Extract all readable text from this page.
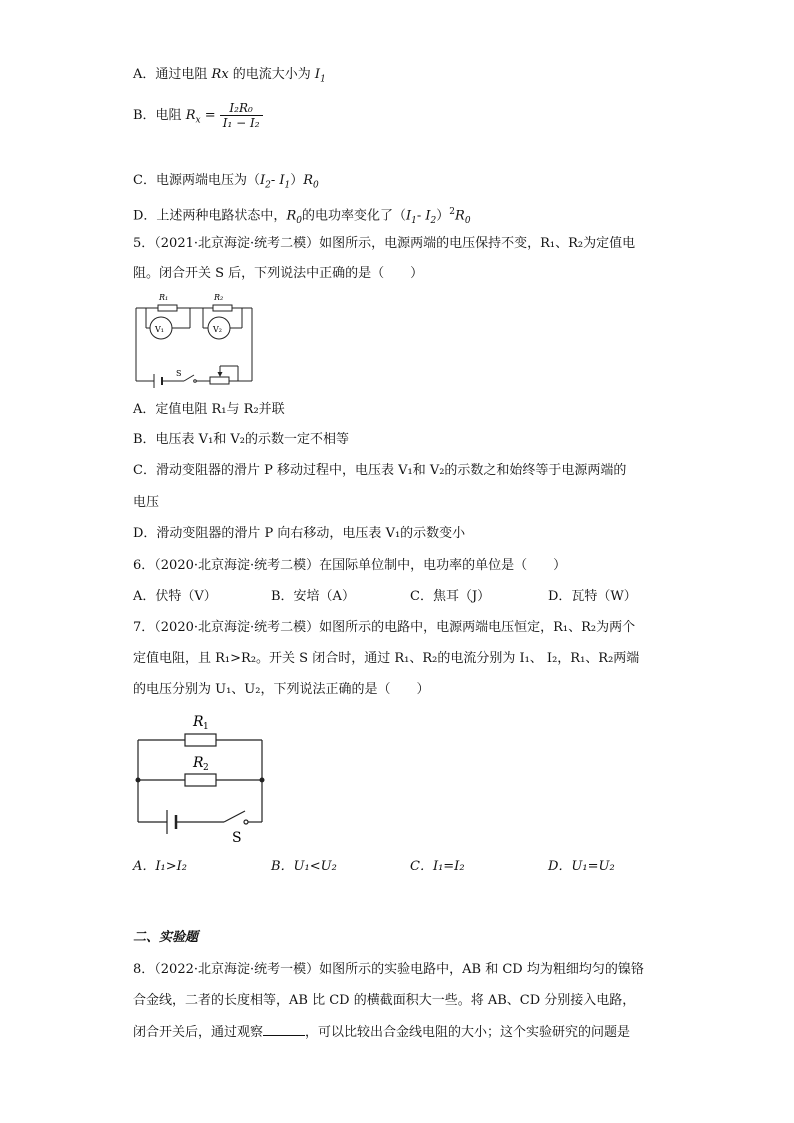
A．通过电阻 Rx 的电流大小为 $I_1$
B．电阻 $R_x = \frac{\text{I₂R₀}}{\text{I₁ − I₂}}$
C．电源两端电压为（$I_2-$ $I_1)R_0$
D．上述两种电路状态中，$R_0$的电功率变化了（$I_1-$ $I_2)^2R_0$
5．（2021·北京海淀·统考二模）如图所示，电源两端的电压保持不变，R₁、R₂为定值电
阻。闭合开关 S 后，下列说法中正确的是（　　）
R₁	R₂
V₁	V₂
S
A．定值电阻 R₁与 R₂并联
B．电压表 V₁和 V₂的示数一定不相等
C．滑动变阻器的滑片 P 移动过程中，电压表 V₁和 V₂的示数之和始终等于电源两端的
电压
D．滑动变阻器的滑片 P 向右移动，电压表 V₁的示数变小
6．（2020·北京海淀·统考二模）在国际单位制中，电功率的单位是（　　）
A．伏特（V）	B．安培（A）	C．焦耳（J）	D．瓦特（W）
7．（2020·北京海淀·统考二模）如图所示的电路中，电源两端电压恒定，R₁、R₂为两个
定值电阻，且 R₁>R₂。开关 S 闭合时，通过 R₁、R₂的电流分别为 I₁、 I₂，R₁、R₂两端
的电压分别为 U₁、U₂，下列说法正确的是（　　）
R 1
R 2
S
A．I₁>I₂	B．U₁<U₂	C．I₁=I₂	D．U₁=U₂
二、实验题
8．（2022·北京海淀·统考一模）如图所示的实验电路中，AB 和 CD 均为粗细均匀的镍铬
合金线，二者的长度相等，AB 比 CD 的横截面积大一些。将 AB、CD 分别接入电路，
闭合开关后，通过观察	，可以比较出合金线电阻的大小；这个实验研究的问题是
